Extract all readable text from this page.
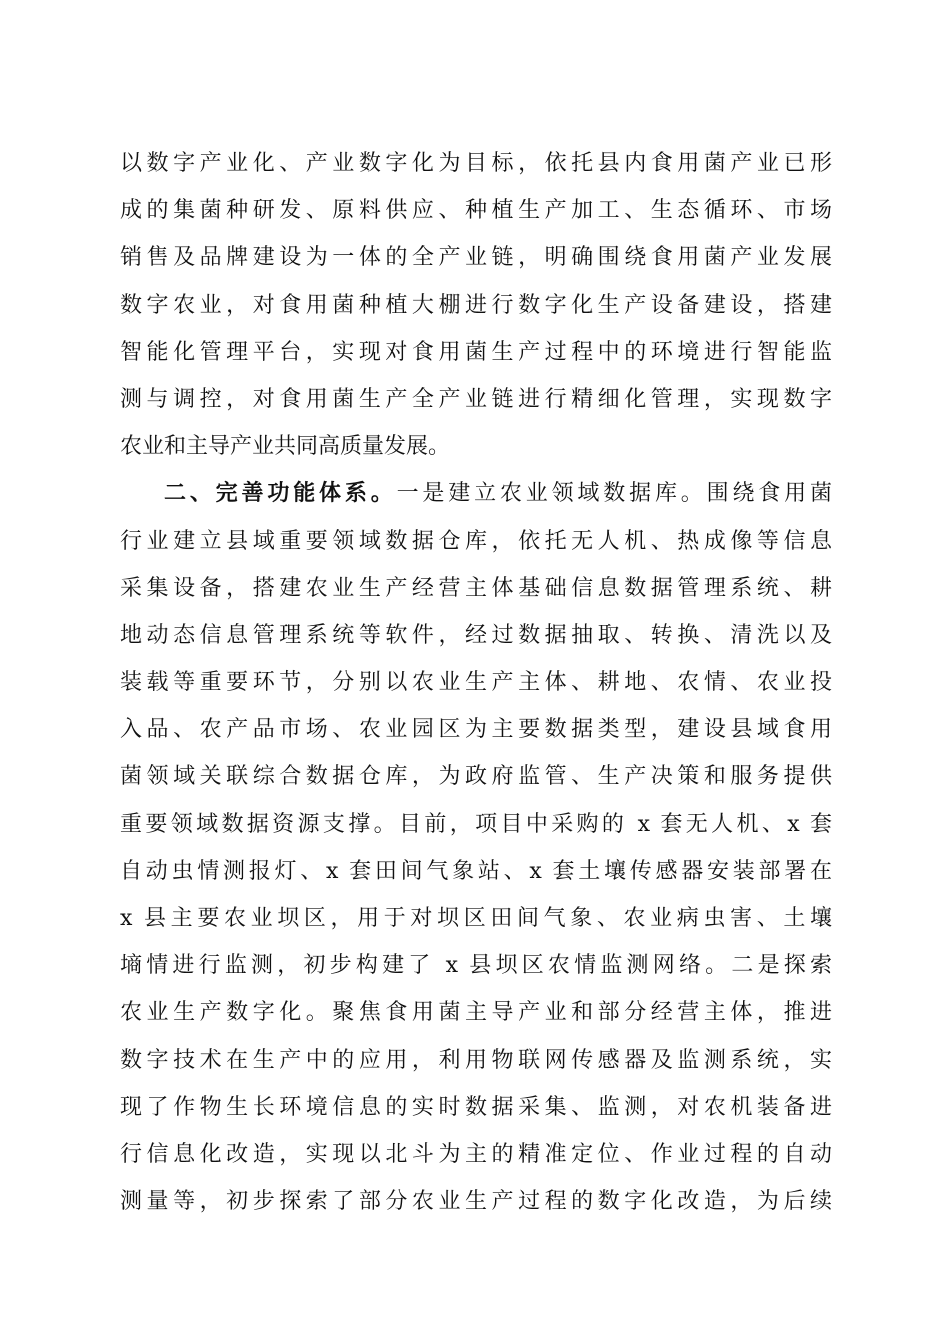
以数字产业化、产业数字化为目标，依托县内食用菌产业已形
成的集菌种研发、原料供应、种植生产加工、生态循环、市场
销售及品牌建设为一体的全产业链，明确围绕食用菌产业发展
数字农业，对食用菌种植大棚进行数字化生产设备建设，搭建
智能化管理平台，实现对食用菌生产过程中的环境进行智能监
测与调控，对食用菌生产全产业链进行精细化管理，实现数字
农业和主导产业共同高质量发展。
二、完善功能体系。一是建立农业领域数据库。围绕食用菌
行业建立县域重要领域数据仓库，依托无人机、热成像等信息
采集设备，搭建农业生产经营主体基础信息数据管理系统、耕
地动态信息管理系统等软件，经过数据抽取、转换、清洗以及
装载等重要环节，分别以农业生产主体、耕地、农情、农业投
入品、农产品市场、农业园区为主要数据类型，建设县域食用
菌领域关联综合数据仓库，为政府监管、生产决策和服务提供
重要领域数据资源支撑。目前，项目中采购的 x 套无人机、x 套
自动虫情测报灯、x 套田间气象站、x 套土壤传感器安装部署在
x 县主要农业坝区，用于对坝区田间气象、农业病虫害、土壤
墒情进行监测，初步构建了 x 县坝区农情监测网络。二是探索
农业生产数字化。聚焦食用菌主导产业和部分经营主体，推进
数字技术在生产中的应用，利用物联网传感器及监测系统，实
现了作物生长环境信息的实时数据采集、监测，对农机装备进
行信息化改造，实现以北斗为主的精准定位、作业过程的自动
测量等，初步探索了部分农业生产过程的数字化改造，为后续
